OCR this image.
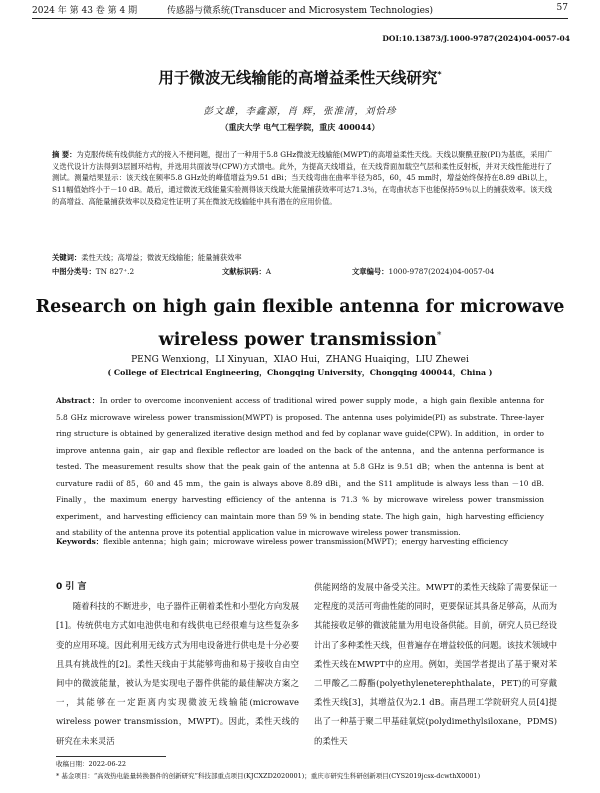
2024 年 第 43 卷 第 4 期	传感器与微系统(Transducer and Microsystem Technologies)	57
DOI:10.13873/J.1000-9787(2024)04-0057-04
用于微波无线输能的高增益柔性天线研究*
彭文雄，李鑫源，肖 辉，张淮清，刘恰珍
（重庆大学 电气工程学院，重庆 400044）
摘 要：为克服传统有线供能方式的接入不便问题，提出了一种用于5.8 GHz微波无线输能(MWPT)的高增益柔性天线。天线以聚酰亚胺(PI)为基底，采用广义迭代设计方法得到3层圆环结构，并选用共面波导(CPW)方式馈电。此外，为提高天线增益，在天线背面加载空气层和柔性反射板，并对天线性能进行了测试。测量结果显示：该天线在频率5.8 GHz处的峰值增益为9.51 dBi；当天线弯曲在曲率半径为85，60，45 mm时，增益始终保持在8.89 dBi以上，S11幅值始终小于－10 dB。最后，通过微波无线能量实验测得该天线最大能量捕获效率可达71.3％，在弯曲状态下也能保持59％以上的捕获效率。该天线的高增益、高能量捕获效率以及稳定性证明了其在微波无线输能中具有潜在的应用价值。
关键词：柔性天线；高增益；微波无线输能；能量捕获效率
中图分类号： TN 827⁺.2	文献标识码： A	文章编号： 1000-9787(2024)04-0057-04
Research on high gain flexible antenna for microwave
wireless power transmission*
PENG Wenxiong，LI Xinyuan，XIAO Hui，ZHANG Huaiqing，LIU Zhewei
( College of Electrical Engineering，Chongqing University，Chongqing 400044，China )
Abstract：In order to overcome inconvenient access of traditional wired power supply mode，a high gain flexible antenna for 5.8 GHz microwave wireless power transmission(MWPT) is proposed. The antenna uses polyimide(PI) as substrate. Three-layer ring structure is obtained by generalized iterative design method and fed by coplanar wave guide(CPW). In addition，in order to improve antenna gain，air gap and flexible reflector are loaded on the back of the antenna，and the antenna performance is tested. The measurement results show that the peak gain of the antenna at 5.8 GHz is 9.51 dB；when the antenna is bent at curvature radii of 85，60 and 45 mm，the gain is always above 8.89 dBi，and the S11 amplitude is always less than －10 dB. Finally，the maximum energy harvesting efficiency of the antenna is 71.3 % by microwave wireless power transmission experiment，and harvesting efficiency can maintain more than 59 % in bending state. The high gain，high harvesting efficiency and stability of the antenna prove its potential application value in microwave wireless power transmission.
Keywords：flexible antenna；high gain；microwave wireless power transmission(MWPT)；energy harvesting efficiency
0 引 言

随着科技的不断进步，电子器件正朝着柔性和小型化方向发展[1]。传统供电方式如电池供电和有线供电已经很难与这些复杂多变的应用环境。因此利用无线方式为用电设备进行供电是十分必要且具有挑战性的[2]。柔性天线由于其能够弯曲和易于接收自由空间中的微波能量，被认为是实现电子器件供能的最佳解决方案之一，其能够在一定距离内实现微波无线输能(microwave wireless power transmission，MWPT)。因此，柔性天线的研究在未来灵活

供能网络的发展中备受关注。MWPT的柔性天线除了需要保证一定程度的灵活可弯曲性能的同时，更要保证其具备足够高，从而为其能接收足够的微波能量为用电设备供能。目前，研究人员已经设计出了多种柔性天线，但普遍存在增益较低的问题。该技术领域中柔性天线在MWPT中的应用。例如，美国学者提出了基于聚对苯二甲酸乙二醇酯(polyethyleneterephthalate，PET)的可穿戴柔性天线[3]，其增益仅为2.1 dB。南昌理工学院研究人员[4]提出了一种基于聚二甲基硅氧烷(polydimethylsiloxane，PDMS)的柔性天

收稿日期：2022-06-22
* 基金项目：“高效热电能量转换器件的创新研究”科技部重点项目(KJCXZD2020001)；重庆市研究生科研创新项目(CYS2019jcsx-dcwthX0001)
